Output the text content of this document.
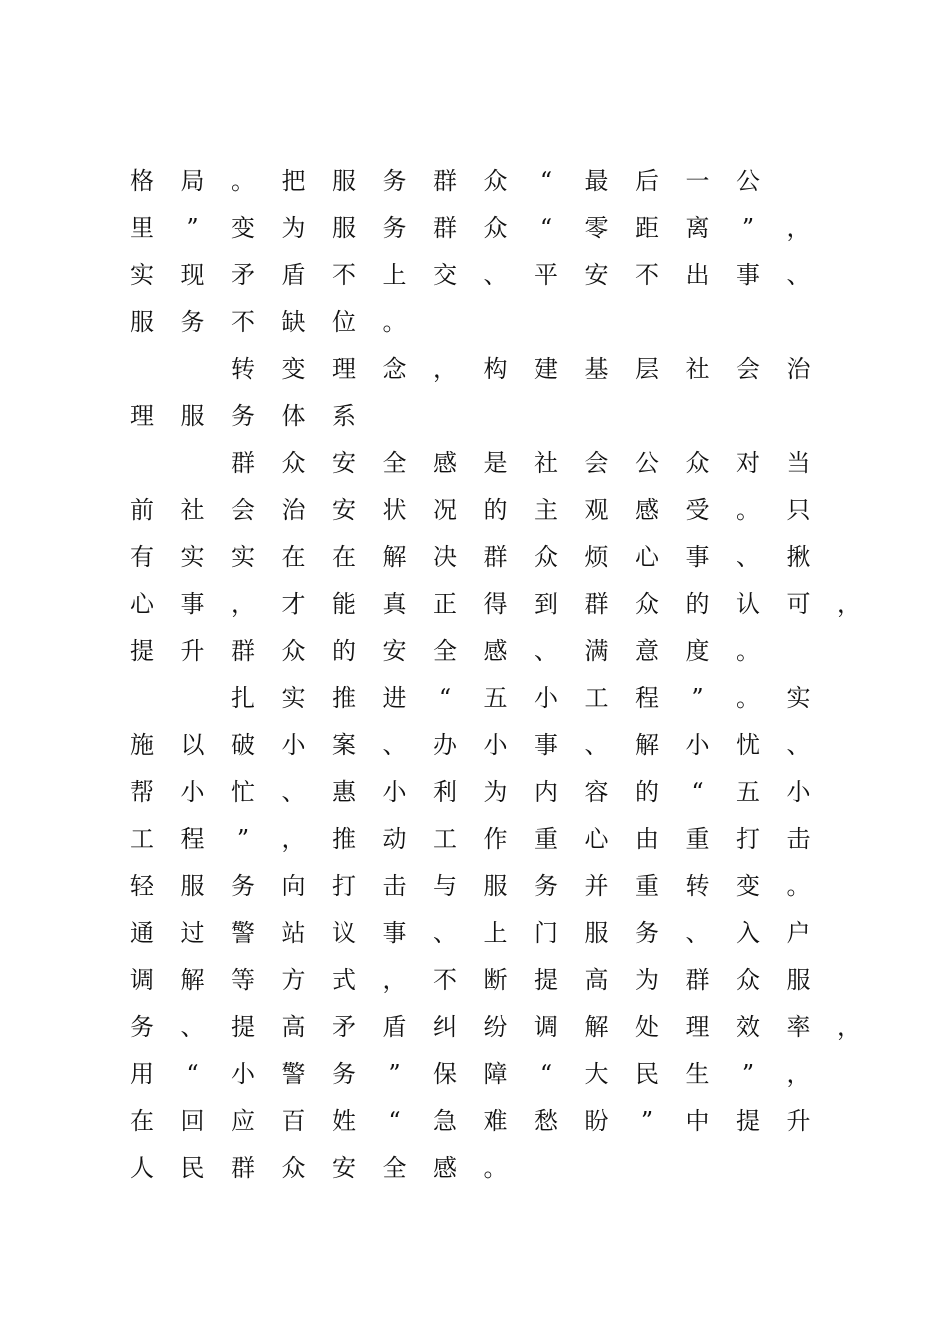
格 局 。 把 服 务 群 众	“	最 后 一 公
里	”	变 为 服 务 群 众	“	零 距 离	”	，
实 现 矛 盾 不 上 交 、 平 安 不 出 事 、
服 务 不 缺 位 。
转 变 理 念 ， 构 建 基 层 社 会 治
理 服 务 体 系
群 众 安 全 感 是 社 会 公 众 对 当
前 社 会 治 安 状 况 的 主 观 感 受 。 只
有 实 实 在 在 解 决 群 众 烦 心 事 、 揪
心 事 ， 才 能 真 正 得 到 群 众 的 认 可 ，
提 升 群 众 的 安 全 感 、 满 意 度 。
扎 实 推 进	“	五 小 工 程	”	。 实
施 以 破 小 案 、 办 小 事 、 解 小 忧 、
帮 小 忙 、 惠 小 利 为 内 容 的	“	五 小
工 程	”	， 推 动 工 作 重 心 由 重 打 击
轻 服 务 向 打 击 与 服 务 并 重 转 变 。
通 过 警 站 议 事 、 上 门 服 务 、 入 户
调 解 等 方 式 ， 不 断 提 高 为 群 众 服
务 、 提 高 矛 盾 纠 纷 调 解 处 理 效 率 ，
用	“	小 警 务	”	保 障	“	大 民 生	”	，
在 回 应 百 姓	“	急 难 愁 盼	”	中 提 升
人 民 群 众 安 全 感 。
